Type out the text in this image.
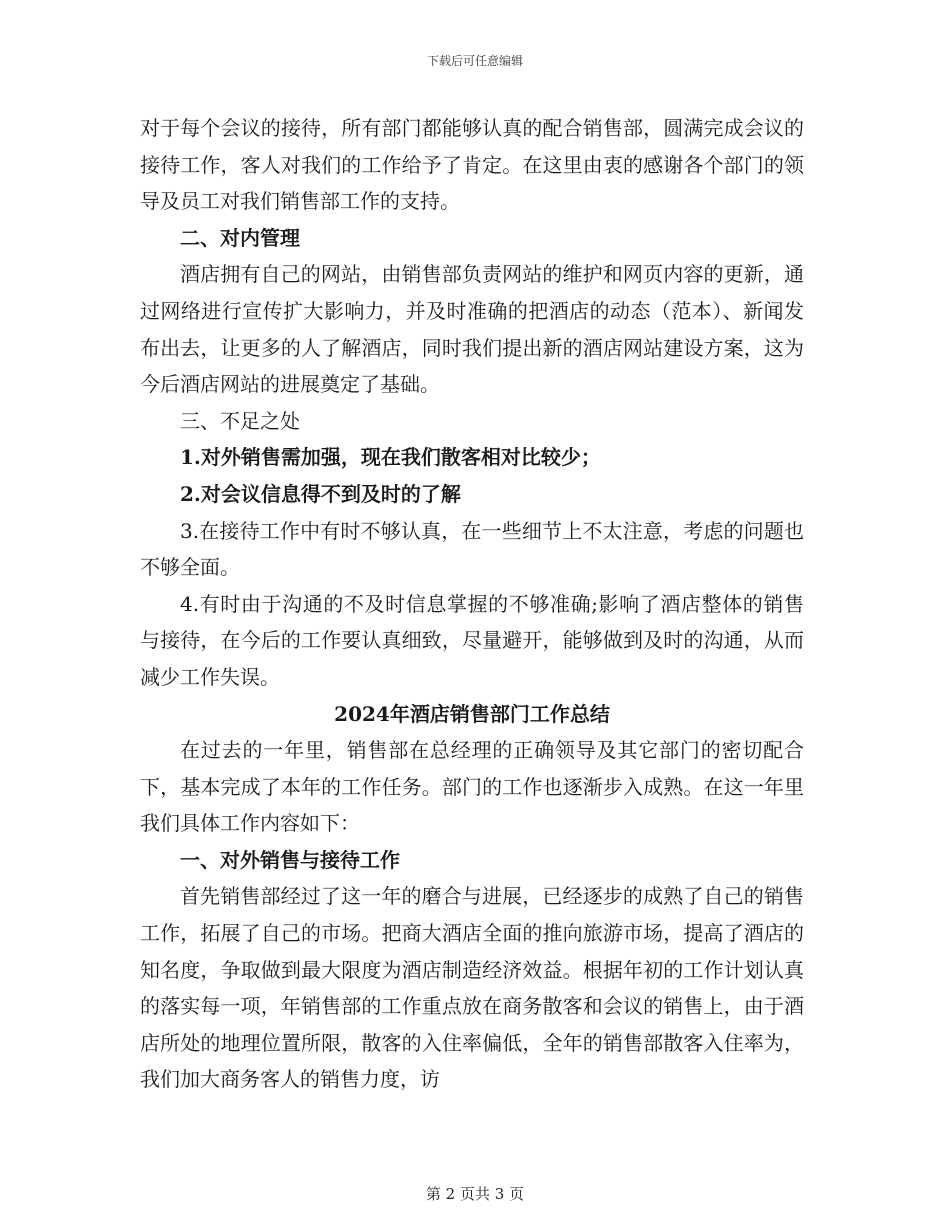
下载后可任意编辑

对于每个会议的接待，所有部门都能够认真的配合销售部，圆满完成会议的接待工作，客人对我们的工作给予了肯定。在这里由衷的感谢各个部门的领导及员工对我们销售部工作的支持。

二、对内管理

酒店拥有自己的网站，由销售部负责网站的维护和网页内容的更新，通过网络进行宣传扩大影响力，并及时准确的把酒店的动态（范本）、新闻发布出去，让更多的人了解酒店，同时我们提出新的酒店网站建设方案，这为今后酒店网站的进展奠定了基础。

三、不足之处

1.对外销售需加强，现在我们散客相对比较少；

2.对会议信息得不到及时的了解

3.在接待工作中有时不够认真，在一些细节上不太注意，考虑的问题也不够全面。

4.有时由于沟通的不及时信息掌握的不够准确;影响了酒店整体的销售与接待，在今后的工作要认真细致，尽量避开，能够做到及时的沟通，从而减少工作失误。

2024年酒店销售部门工作总结

在过去的一年里，销售部在总经理的正确领导及其它部门的密切配合下，基本完成了本年的工作任务。部门的工作也逐渐步入成熟。在这一年里我们具体工作内容如下：

一、对外销售与接待工作

首先销售部经过了这一年的磨合与进展，已经逐步的成熟了自己的销售工作，拓展了自己的市场。把商大酒店全面的推向旅游市场，提高了酒店的知名度，争取做到最大限度为酒店制造经济效益。根据年初的工作计划认真的落实每一项，年销售部的工作重点放在商务散客和会议的销售上，由于酒店所处的地理位置所限，散客的入住率偏低，全年的销售部散客入住率为，我们加大商务客人的销售力度，访

第 2 页共 3 页
